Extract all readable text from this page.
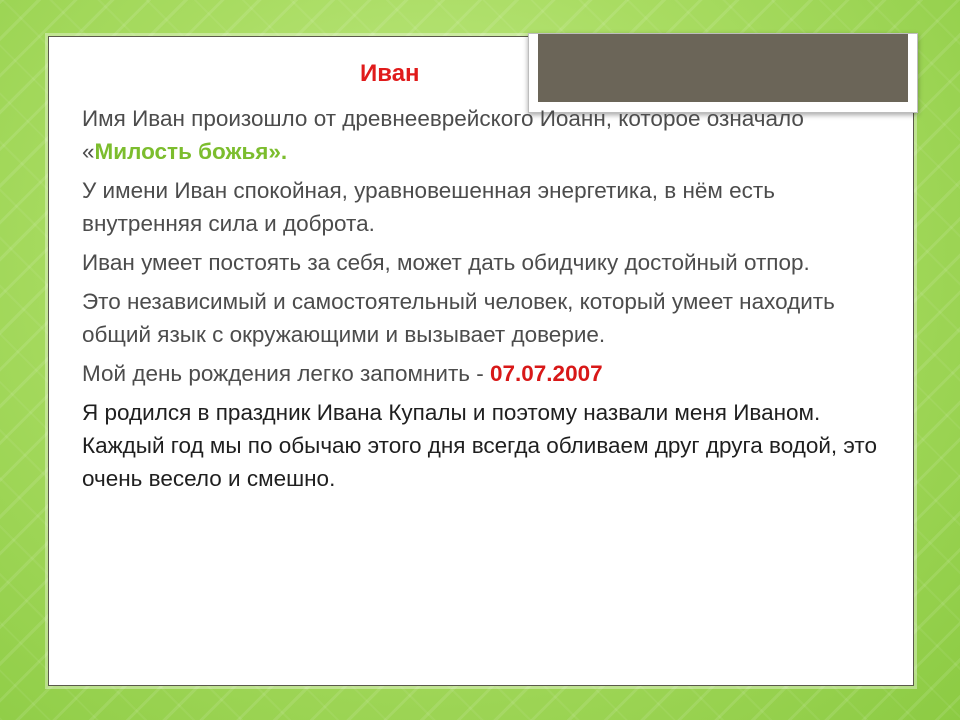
Иван

Имя Иван произошло от древнееврейского Иоанн, которое означало «Милость божья».

У имени Иван спокойная, уравновешенная энергетика, в нём есть внутренняя сила и доброта.

Иван умеет постоять за себя, может дать обидчику достойный отпор.

Это независимый и самостоятельный человек, который умеет находить общий язык с окружающими и вызывает доверие.

Мой день рождения легко запомнить - 07.07.2007

Я родился в праздник Ивана Купалы и поэтому назвали меня Иваном. Каждый год мы по обычаю этого дня всегда обливаем друг друга водой, это очень весело и смешно.
